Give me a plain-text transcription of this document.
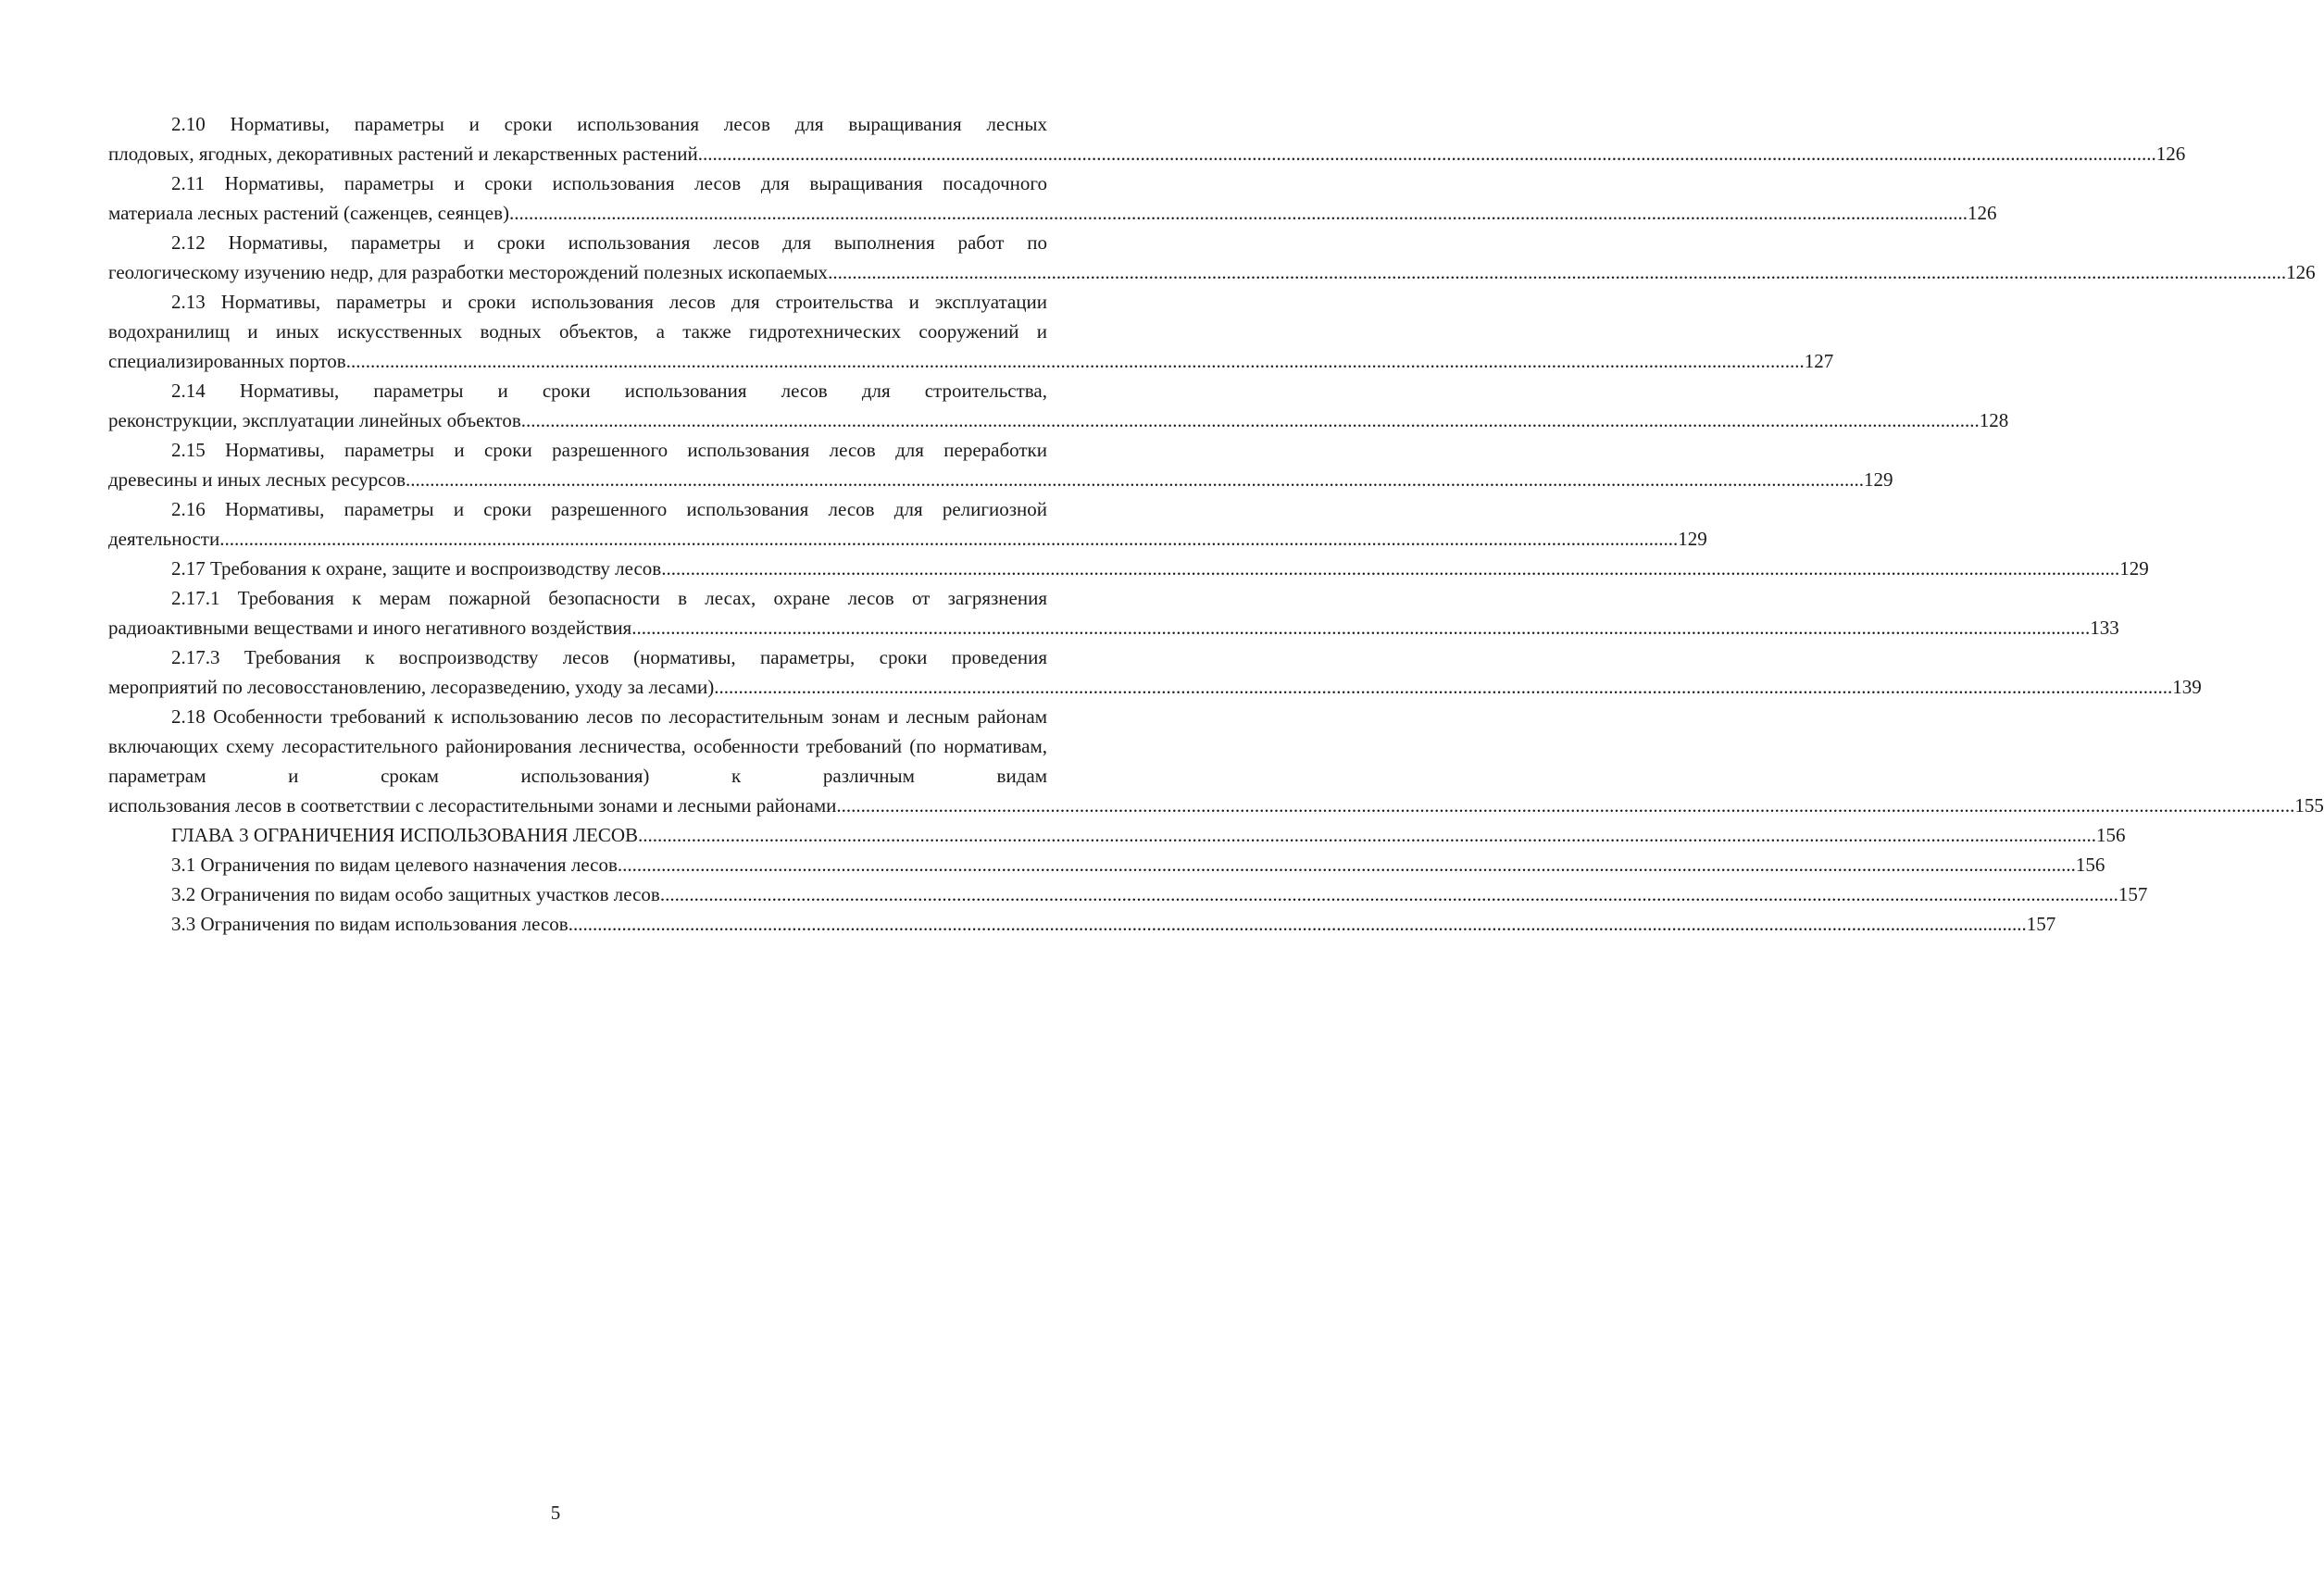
2.10 Нормативы, параметры и сроки использования лесов для выращивания лесных

плодовых, ягодных, декоративных растений и лекарственных растений ............................................................................................................................................................................................................................................................................................................ 126

2.11 Нормативы, параметры и сроки использования лесов для выращивания посадочного

материала лесных растений (саженцев, сеянцев) ............................................................................................................................................................................................................................................................................................................ 126

2.12 Нормативы, параметры и сроки использования лесов для выполнения работ по

геологическому изучению недр, для разработки месторождений полезных ископаемых ............................................................................................................................................................................................................................................................................................................ 126

2.13 Нормативы, параметры и сроки использования лесов для строительства и эксплуатации водохранилищ и иных искусственных водных объектов, а также гидротехнических сооружений и

специализированных портов ............................................................................................................................................................................................................................................................................................................ 127

2.14 Нормативы, параметры и сроки использования лесов для строительства,

реконструкции, эксплуатации линейных объектов ............................................................................................................................................................................................................................................................................................................ 128

2.15 Нормативы, параметры и сроки разрешенного использования лесов для переработки

древесины и иных лесных ресурсов ............................................................................................................................................................................................................................................................................................................ 129

2.16 Нормативы, параметры и сроки разрешенного использования лесов для религиозной

деятельности ............................................................................................................................................................................................................................................................................................................ 129
2.17 Требования к охране, защите и воспроизводству лесов ............................................................................................................................................................................................................................................................................................................ 129

2.17.1 Требования к мерам пожарной безопасности в лесах, охране лесов от загрязнения

радиоактивными веществами и иного негативного воздействия ............................................................................................................................................................................................................................................................................................................ 133

2.17.3 Требования к воспроизводству лесов (нормативы, параметры, сроки проведения

мероприятий по лесовосстановлению, лесоразведению, уходу за лесами) ............................................................................................................................................................................................................................................................................................................ 139

2.18 Особенности требований к использованию лесов по лесорастительным зонам и лесным районам включающих схему лесорастительного районирования лесничества, особенности требований (по нормативам, параметрам и срокам использования) к различным видам

использования лесов в соответствии с лесорастительными зонами и лесными районами ............................................................................................................................................................................................................................................................................................................ 155
ГЛАВА 3 ОГРАНИЧЕНИЯ ИСПОЛЬЗОВАНИЯ ЛЕСОВ ............................................................................................................................................................................................................................................................................................................ 156
3.1 Ограничения по видам целевого назначения лесов ............................................................................................................................................................................................................................................................................................................ 156
3.2 Ограничения по видам особо защитных участков лесов ............................................................................................................................................................................................................................................................................................................ 157
3.3 Ограничения по видам использования лесов ............................................................................................................................................................................................................................................................................................................ 157
5
